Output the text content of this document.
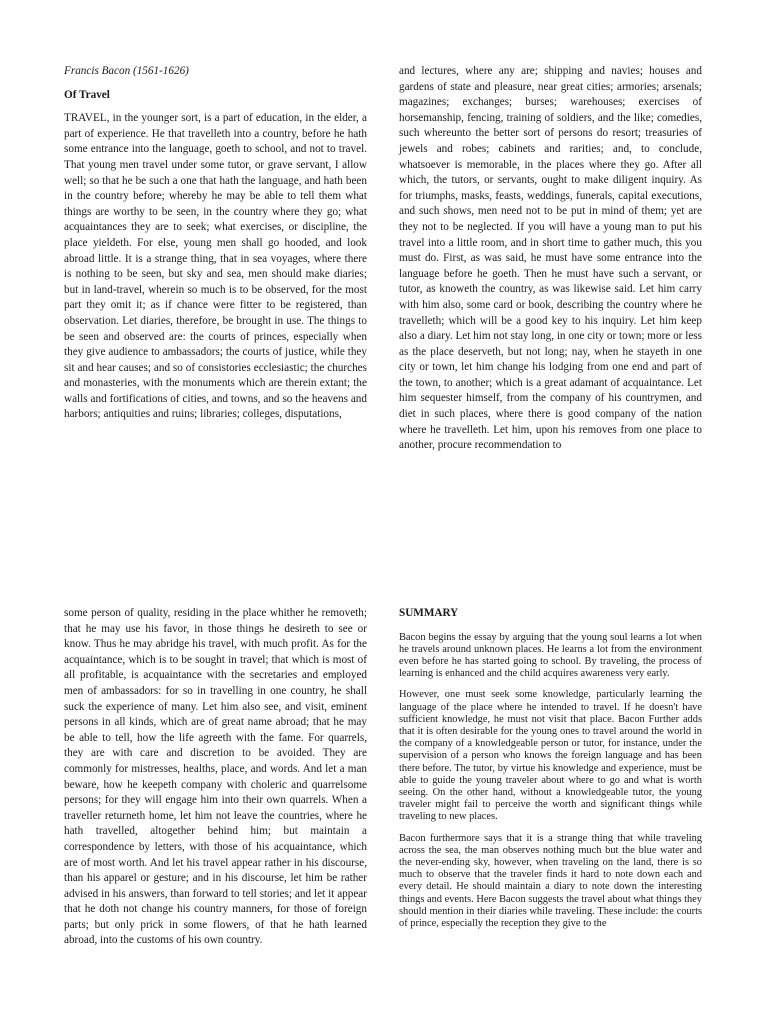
Francis Bacon (1561-1626)
Of Travel

TRAVEL, in the younger sort, is a part of education, in the elder, a part of experience. He that travelleth into a country, before he hath some entrance into the language, goeth to school, and not to travel. That young men travel under some tutor, or grave servant, I allow well; so that he be such a one that hath the language, and hath been in the country before; whereby he may be able to tell them what things are worthy to be seen, in the country where they go; what acquaintances they are to seek; what exercises, or discipline, the place yieldeth. For else, young men shall go hooded, and look abroad little. It is a strange thing, that in sea voyages, where there is nothing to be seen, but sky and sea, men should make diaries; but in land-travel, wherein so much is to be observed, for the most part they omit it; as if chance were fitter to be registered, than observation. Let diaries, therefore, be brought in use. The things to be seen and observed are: the courts of princes, especially when they give audience to ambassadors; the courts of justice, while they sit and hear causes; and so of consistories ecclesiastic; the churches and monasteries, with the monuments which are therein extant; the walls and fortifications of cities, and towns, and so the heavens and harbors; antiquities and ruins; libraries; colleges, disputations,

and lectures, where any are; shipping and navies; houses and gardens of state and pleasure, near great cities; armories; arsenals; magazines; exchanges; burses; warehouses; exercises of horsemanship, fencing, training of soldiers, and the like; comedies, such whereunto the better sort of persons do resort; treasuries of jewels and robes; cabinets and rarities; and, to conclude, whatsoever is memorable, in the places where they go. After all which, the tutors, or servants, ought to make diligent inquiry. As for triumphs, masks, feasts, weddings, funerals, capital executions, and such shows, men need not to be put in mind of them; yet are they not to be neglected. If you will have a young man to put his travel into a little room, and in short time to gather much, this you must do. First, as was said, he must have some entrance into the language before he goeth. Then he must have such a servant, or tutor, as knoweth the country, as was likewise said. Let him carry with him also, some card or book, describing the country where he travelleth; which will be a good key to his inquiry. Let him keep also a diary. Let him not stay long, in one city or town; more or less as the place deserveth, but not long; nay, when he stayeth in one city or town, let him change his lodging from one end and part of the town, to another; which is a great adamant of acquaintance. Let him sequester himself, from the company of his countrymen, and diet in such places, where there is good company of the nation where he travelleth. Let him, upon his removes from one place to another, procure recommendation to

some person of quality, residing in the place whither he removeth; that he may use his favor, in those things he desireth to see or know. Thus he may abridge his travel, with much profit. As for the acquaintance, which is to be sought in travel; that which is most of all profitable, is acquaintance with the secretaries and employed men of ambassadors: for so in travelling in one country, he shall suck the experience of many. Let him also see, and visit, eminent persons in all kinds, which are of great name abroad; that he may be able to tell, how the life agreeth with the fame. For quarrels, they are with care and discretion to be avoided. They are commonly for mistresses, healths, place, and words. And let a man beware, how he keepeth company with choleric and quarrelsome persons; for they will engage him into their own quarrels. When a traveller returneth home, let him not leave the countries, where he hath travelled, altogether behind him; but maintain a correspondence by letters, with those of his acquaintance, which are of most worth. And let his travel appear rather in his discourse, than his apparel or gesture; and in his discourse, let him be rather advised in his answers, than forward to tell stories; and let it appear that he doth not change his country manners, for those of foreign parts; but only prick in some flowers, of that he hath learned abroad, into the customs of his own country.

SUMMARY

Bacon begins the essay by arguing that the young soul learns a lot when he travels around unknown places. He learns a lot from the environment even before he has started going to school. By traveling, the process of learning is enhanced and the child acquires awareness very early.

However, one must seek some knowledge, particularly learning the language of the place where he intended to travel. If he doesn't have sufficient knowledge, he must not visit that place. Bacon Further adds that it is often desirable for the young ones to travel around the world in the company of a knowledgeable person or tutor, for instance, under the supervision of a person who knows the foreign language and has been there before. The tutor, by virtue his knowledge and experience, must be able to guide the young traveler about where to go and what is worth seeing. On the other hand, without a knowledgeable tutor, the young traveler might fail to perceive the worth and significant things while traveling to new places.

Bacon furthermore says that it is a strange thing that while traveling across the sea, the man observes nothing much but the blue water and the never-ending sky, however, when traveling on the land, there is so much to observe that the traveler finds it hard to note down each and every detail. He should maintain a diary to note down the interesting things and events. Here Bacon suggests the travel about what things they should mention in their diaries while traveling. These include: the courts of prince, especially the reception they give to the
